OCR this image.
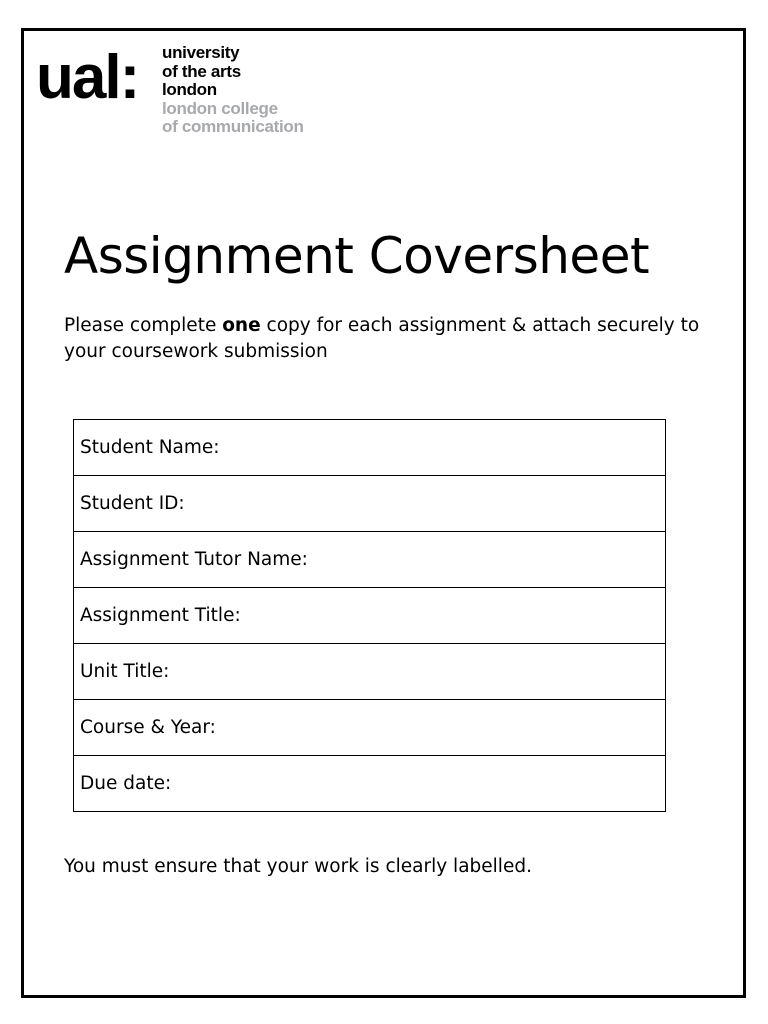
ual: university
of the arts
london
london college
of communication
Assignment Coversheet

Please complete one copy for each assignment & attach securely to your coursework submission

Student Name:
Student ID:
Assignment Tutor Name:
Assignment Title:
Unit Title:
Course & Year:
Due date:

You must ensure that your work is clearly labelled.
